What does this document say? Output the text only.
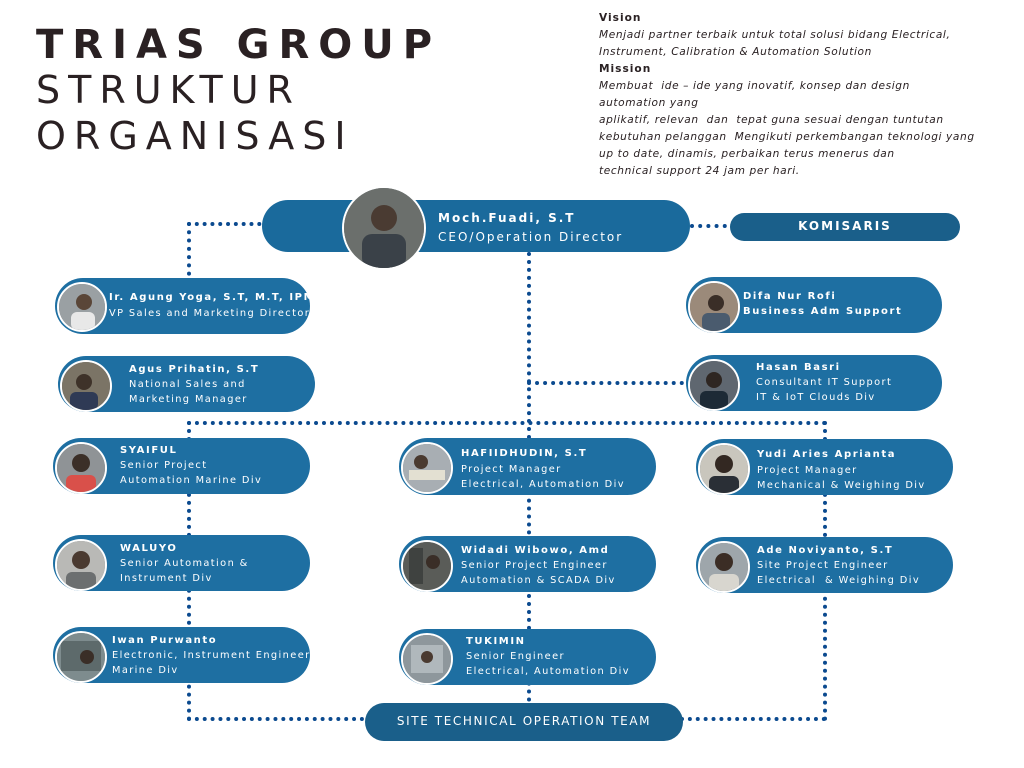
TRIAS GROUP
STRUKTUR
ORGANISASI
Vision
Menjadi partner terbaik untuk total solusi bidang Electrical,
Instrument, Calibration & Automation Solution
Mission
Membuat  ide – ide yang inovatif, konsep dan design
automation yang
aplikatif, relevan  dan  tepat guna sesuai dengan tuntutan
kebutuhan pelanggan  Mengikuti perkembangan teknologi yang
up to date, dinamis, perbaikan terus menerus dan
technical support 24 jam per hari.
Moch.Fuadi, S.T
CEO/Operation Director
KOMISARIS
Ir. Agung Yoga, S.T, M.T, IPM
VP Sales and Marketing Director
Agus Prihatin, S.T
National Sales and
Marketing Manager
Difa Nur Rofi
Business Adm Support
Hasan Basri
Consultant IT Support
IT & IoT Clouds Div
SYAIFUL
Senior Project
Automation Marine Div
WALUYO
Senior Automation &
Instrument Div
Iwan Purwanto
Electronic, Instrument Engineer
Marine Div
HAFIIDHUDIN, S.T
Project Manager
Electrical, Automation Div
Widadi Wibowo, Amd
Senior Project Engineer
Automation & SCADA Div
TUKIMIN
Senior Engineer
Electrical, Automation Div
Yudi Aries Aprianta
Project Manager
Mechanical & Weighing Div
Ade Noviyanto, S.T
Site Project Engineer
Electrical  & Weighing Div
SITE TECHNICAL OPERATION TEAM
